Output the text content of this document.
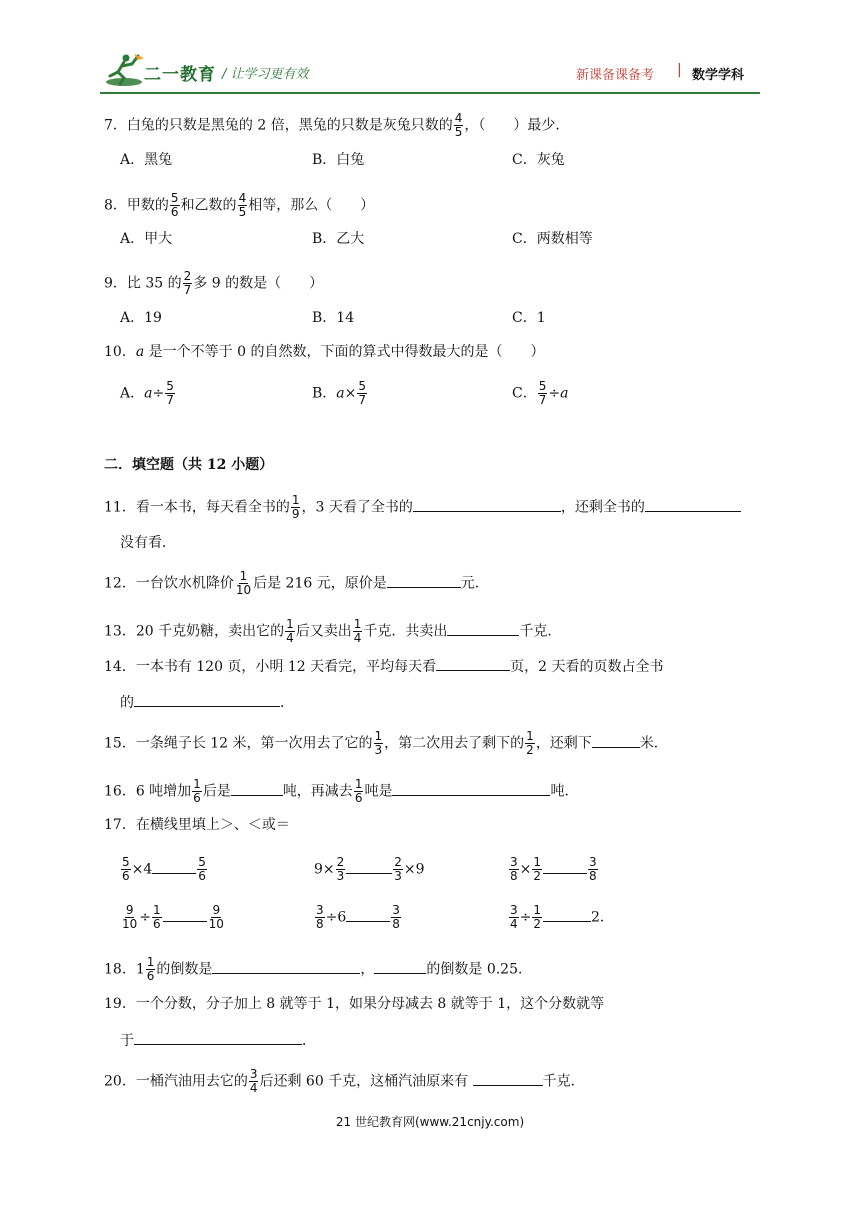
二一教育 / 让学习更有效	新课备课备考 | 数学学科
7．白兔的只数是黑兔的 2 倍，黑兔的只数是灰兔只数的 $\frac{4}{5}$ ，（　　）最少．
A．黑兔	B．白兔	C．灰兔
8．甲数的 $\frac{5}{6}$ 和乙数的 $\frac{4}{5}$ 相等，那么（　　）
A．甲大	B．乙大	C．两数相等
9．比 35 的 $\frac{2}{7}$ 多 9 的数是（　　）
A．19	B．14	C．1
10．a 是一个不等于 0 的自然数，下面的算式中得数最大的是（　　）
A．$a\div \frac{5}{7}$	B．$a\times \frac{5}{7}$	C． $\frac{5}{7} \div a$
二．填空题（共 12 小题）
11．看一本书，每天看全书的 $\frac{1}{9}$ ，3 天看了全书的	，还剩全书的
没有看．
12．一台饮水机降价 $\frac{1}{10}$ 后是 216 元，原价是	元．
13．20 千克奶糖，卖出它的 $\frac{1}{4}$ 后又卖出 $\frac{1}{4}$ 千克．共卖出	千克．
14．一本书有 120 页，小明 12 天看完，平均每天看	页，2 天看的页数占全书
的	．
15．一条绳子长 12 米，第一次用去了它的 $\frac{1}{3}$ ，第二次用去了剩下的 $\frac{1}{2}$ ，还剩下	米．
16．6 吨增加 $\frac{1}{6}$ 后是	吨，再减去 $\frac{1}{6}$ 吨是	吨．
17．在横线里填上＞、＜或＝
$\frac{5}{6} \times 4$	$\frac{5}{6}$	$9\times \frac{2}{3}$	$\frac{2}{3} \times 9$	$\frac{3}{8} \times \frac{1}{2}$	$\frac{3}{8}$
$\frac{9}{10} \div \frac{1}{6}$	$\frac{9}{10}$	$\frac{3}{8} \div 6$	$\frac{3}{8}$	$\frac{3}{4} \div \frac{1}{2}$	2．
18．$1 \frac{1}{6}$ 的倒数是	，	的倒数是 0.25．
19．一个分数，分子加上 8 就等于 1，如果分母减去 8 就等于 1，这个分数就等
于	．
20．一桶汽油用去它的 $\frac{3}{4}$ 后还剩 60 千克，这桶汽油原来有	千克．
21 世纪教育网(www.21cnjy.com)
